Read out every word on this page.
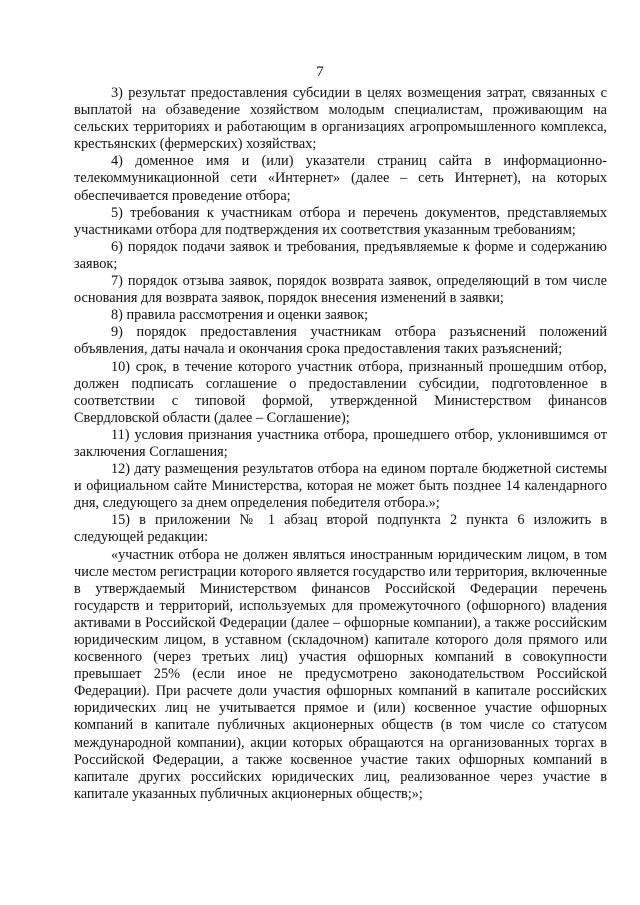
7

3) результат предоставления субсидии в целях возмещения затрат, связанных с выплатой на обзаведение хозяйством молодым специалистам, проживающим на сельских территориях и работающим в организациях агропромышленного комплекса, крестьянских (фермерских) хозяйствах;

4) доменное имя и (или) указатели страниц сайта в информационно-телекоммуникационной сети «Интернет» (далее – сеть Интернет), на которых обеспечивается проведение отбора;

5) требования к участникам отбора и перечень документов, представляемых участниками отбора для подтверждения их соответствия указанным требованиям;

6) порядок подачи заявок и требования, предъявляемые к форме и содержанию заявок;

7) порядок отзыва заявок, порядок возврата заявок, определяющий в том числе основания для возврата заявок, порядок внесения изменений в заявки;

8) правила рассмотрения и оценки заявок;

9) порядок предоставления участникам отбора разъяснений положений объявления, даты начала и окончания срока предоставления таких разъяснений;

10) срок, в течение которого участник отбора, признанный прошедшим отбор, должен подписать соглашение о предоставлении субсидии, подготовленное в соответствии с типовой формой, утвержденной Министерством финансов Свердловской области (далее – Соглашение);

11) условия признания участника отбора, прошедшего отбор, уклонившимся от заключения Соглашения;

12) дату размещения результатов отбора на едином портале бюджетной системы и официальном сайте Министерства, которая не может быть позднее 14 календарного дня, следующего за днем определения победителя отбора.»;

15) в приложении № 1 абзац второй подпункта 2 пункта 6 изложить в следующей редакции:

«участник отбора не должен являться иностранным юридическим лицом, в том числе местом регистрации которого является государство или территория, включенные в утверждаемый Министерством финансов Российской Федерации перечень государств и территорий, используемых для промежуточного (офшорного) владения активами в Российской Федерации (далее – офшорные компании), а также российским юридическим лицом, в уставном (складочном) капитале которого доля прямого или косвенного (через третьих лиц) участия офшорных компаний в совокупности превышает 25% (если иное не предусмотрено законодательством Российской Федерации). При расчете доли участия офшорных компаний в капитале российских юридических лиц не учитывается прямое и (или) косвенное участие офшорных компаний в капитале публичных акционерных обществ (в том числе со статусом международной компании), акции которых обращаются на организованных торгах в Российской Федерации, а также косвенное участие таких офшорных компаний в капитале других российских юридических лиц, реализованное через участие в капитале указанных публичных акционерных обществ;»;
